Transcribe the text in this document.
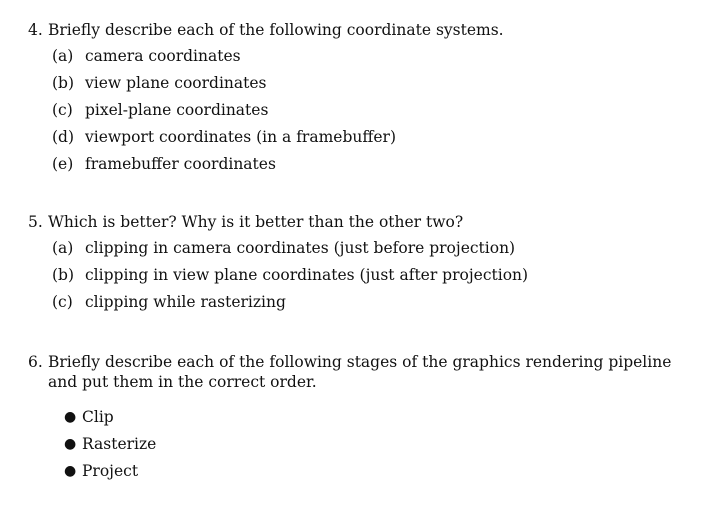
4. Briefly describe each of the following coordinate systems.
(a) camera coordinates
(b) view plane coordinates
(c) pixel-plane coordinates
(d) viewport coordinates (in a framebuffer)
(e) framebuffer coordinates
5. Which is better? Why is it better than the other two?
(a) clipping in camera coordinates (just before projection)
(b) clipping in view plane coordinates (just after projection)
(c) clipping while rasterizing
6. Briefly describe each of the following stages of the graphics rendering pipeline and put them in the correct order.
● Clip
● Rasterize
● Project
